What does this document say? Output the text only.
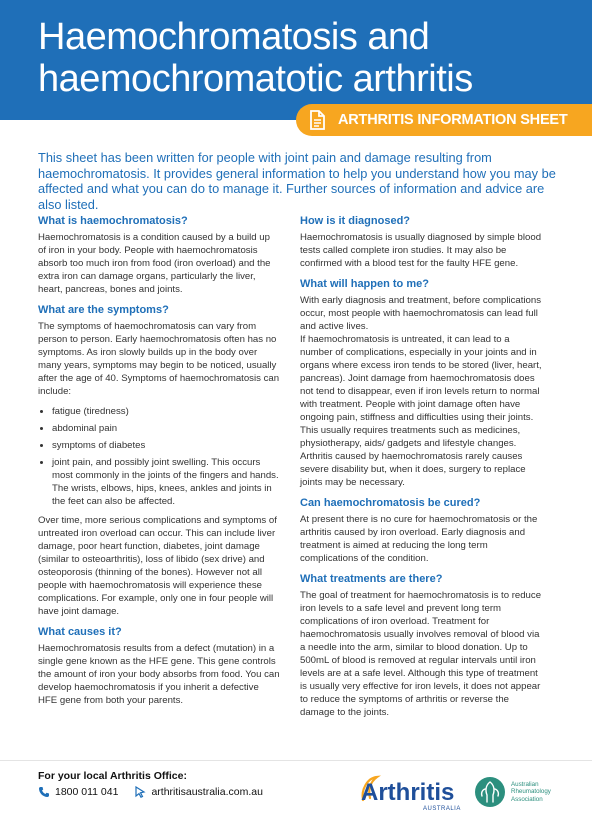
Haemochromatosis and haemochromatotic arthritis
ARTHRITIS INFORMATION SHEET
This sheet has been written for people with joint pain and damage resulting from haemochromatosis. It provides general information to help you understand how you may be affected and what you can do to manage it. Further sources of information and advice are also listed.
What is haemochromatosis?

Haemochromatosis is a condition caused by a build up of iron in your body. People with haemochromatosis absorb too much iron from food (iron overload) and the extra iron can damage organs, particularly the liver, heart, pancreas, bones and joints.

What are the symptoms?

The symptoms of haemochromatosis can vary from person to person. Early haemochromatosis often has no symptoms. As iron slowly builds up in the body over many years, symptoms may begin to be noticed, usually after the age of 40. Symptoms of haemochromatosis can include:

• fatigue (tiredness)
• abdominal pain
• symptoms of diabetes
• joint pain, and possibly joint swelling. This occurs most commonly in the joints of the fingers and hands. The wrists, elbows, hips, knees, ankles and joints in the feet can also be affected.

Over time, more serious complications and symptoms of untreated iron overload can occur. This can include liver damage, poor heart function, diabetes, joint damage (similar to osteoarthritis), loss of libido (sex drive) and osteoporosis (thinning of the bones). However not all people with haemochromatosis will experience these complications. For example, only one in four people will have joint damage.

What causes it?

Haemochromatosis results from a defect (mutation) in a single gene known as the HFE gene. This gene controls the amount of iron your body absorbs from food. You can develop haemochromatosis if you inherit a defective HFE gene from both your parents.

How is it diagnosed?

Haemochromatosis is usually diagnosed by simple blood tests called complete iron studies. It may also be confirmed with a blood test for the faulty HFE gene.

What will happen to me?

With early diagnosis and treatment, before complications occur, most people with haemochromatosis can lead full and active lives.

If haemochromatosis is untreated, it can lead to a number of complications, especially in your joints and in organs where excess iron tends to be stored (liver, heart, pancreas). Joint damage from haemochromatosis does not tend to disappear, even if iron levels return to normal with treatment. People with joint damage often have ongoing pain, stiffness and difficulties using their joints. This usually requires treatments such as medicines, physiotherapy, aids/ gadgets and lifestyle changes. Arthritis caused by haemochromatosis rarely causes severe disability but, when it does, surgery to replace joints may be necessary.

Can haemochromatosis be cured?

At present there is no cure for haemochromatosis or the arthritis caused by iron overload. Early diagnosis and treatment is aimed at reducing the long term complications of the condition.

What treatments are there?

The goal of treatment for haemochromatosis is to reduce iron levels to a safe level and prevent long term complications of iron overload. Treatment for haemochromatosis usually involves removal of blood via a needle into the arm, similar to blood donation. Up to 500mL of blood is removed at regular intervals until iron levels are at a safe level. Although this type of treatment is usually very effective for iron levels, it does not appear to reduce the symptoms of arthritis or reverse the damage to the joints.

For your local Arthritis Office:
1800 011 041	arthritisaustralia.com.au	Arthritis
AUSTRALIA
Australian
Rheumatology
Association
